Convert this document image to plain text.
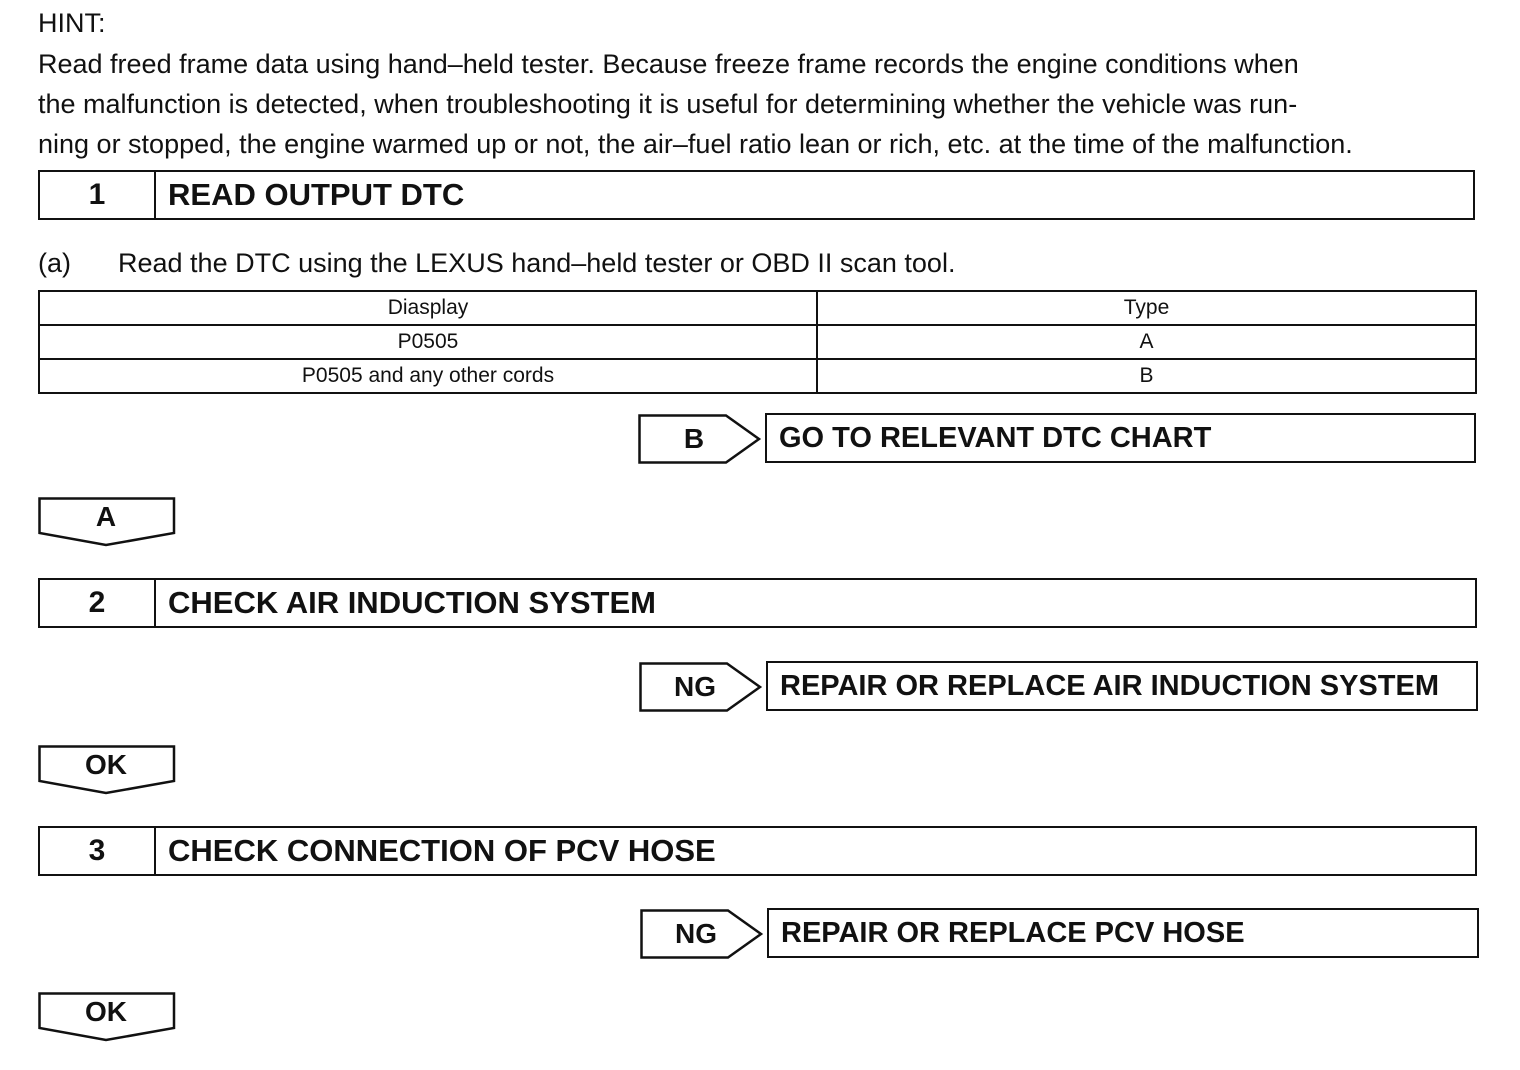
HINT:
Read freed frame data using hand–held tester. Because freeze frame records the engine conditions when
the malfunction is detected, when troubleshooting it is useful for determining whether the vehicle was run-
ning or stopped, the engine warmed up or not, the air–fuel ratio lean or rich, etc. at the time of the malfunction.
1	READ OUTPUT DTC
(a) Read the DTC using the LEXUS hand–held tester or OBD II scan tool.
Diasplay	Type
P0505	A
P0505 and any other cords	B
B	GO TO RELEVANT DTC CHART
A
2	CHECK AIR INDUCTION SYSTEM
NG	REPAIR OR REPLACE AIR INDUCTION SYSTEM
OK
3	CHECK CONNECTION OF PCV HOSE
NG	REPAIR OR REPLACE PCV HOSE
OK
